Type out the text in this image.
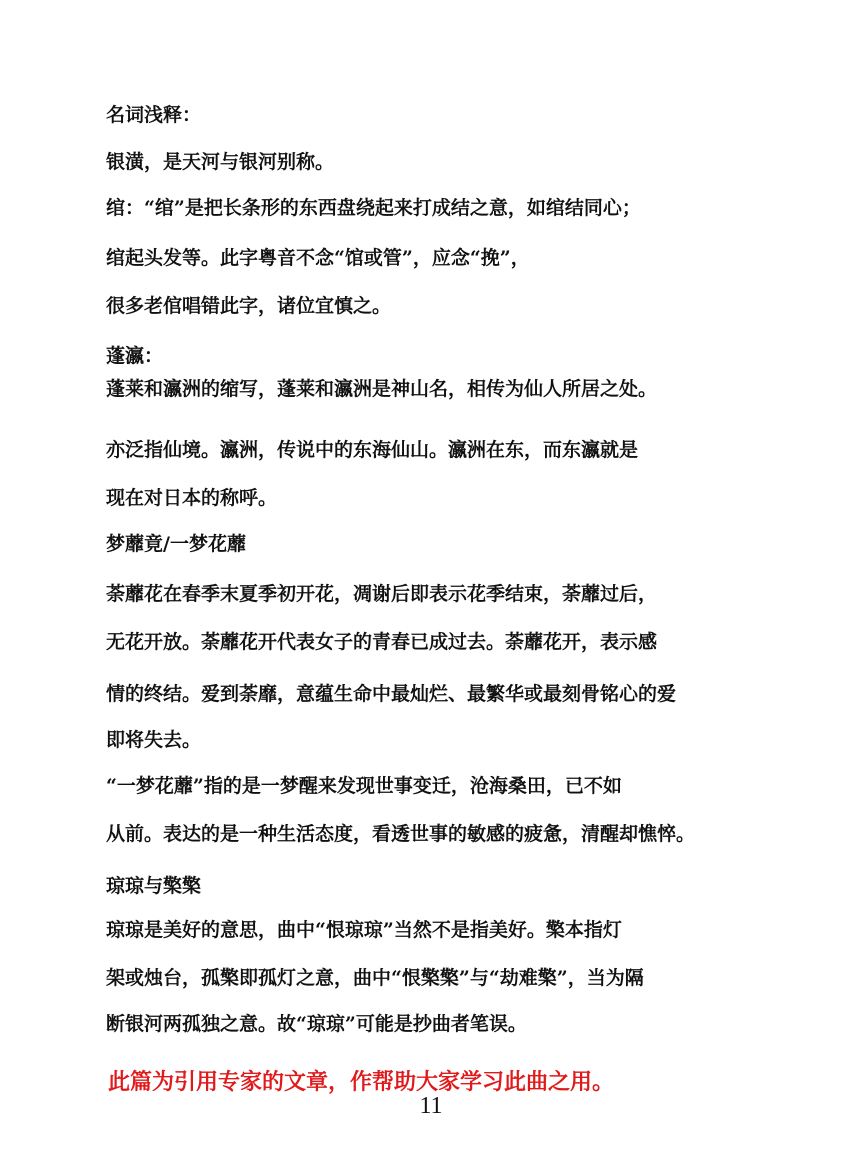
名词浅释：
银潢，是天河与银河别称。
绾：“绾”是把长条形的东西盘绕起来打成结之意，如绾结同心；
绾起头发等。此字粤音不念“馆或管”，应念“挽”，
很多老倌唱错此字，诸位宜慎之。
蓬瀛：
蓬莱和瀛洲的缩写，蓬莱和瀛洲是神山名，相传为仙人所居之处。
亦泛指仙境。瀛洲，传说中的东海仙山。瀛洲在东，而东瀛就是
现在对日本的称呼。
梦蘼竟/一梦花蘼
荼蘼花在春季末夏季初开花，凋谢后即表示花季结束，荼蘼过后，
无花开放。荼蘼花开代表女子的青春已成过去。荼蘼花开，表示感
情的终结。爱到荼靡，意蕴生命中最灿烂、最繁华或最刻骨铭心的爱
即将失去。
“一梦花蘼”指的是一梦醒来发现世事变迁，沧海桑田，已不如
从前。表达的是一种生活态度，看透世事的敏感的疲惫，清醒却憔悴。
琼琼与檠檠
琼琼是美好的意思，曲中“恨琼琼”当然不是指美好。檠本指灯
架或烛台，孤檠即孤灯之意，曲中“恨檠檠”与“劫难檠”，当为隔
断银河两孤独之意。故“琼琼”可能是抄曲者笔误。
此篇为引用专家的文章，作帮助大家学习此曲之用。
11
